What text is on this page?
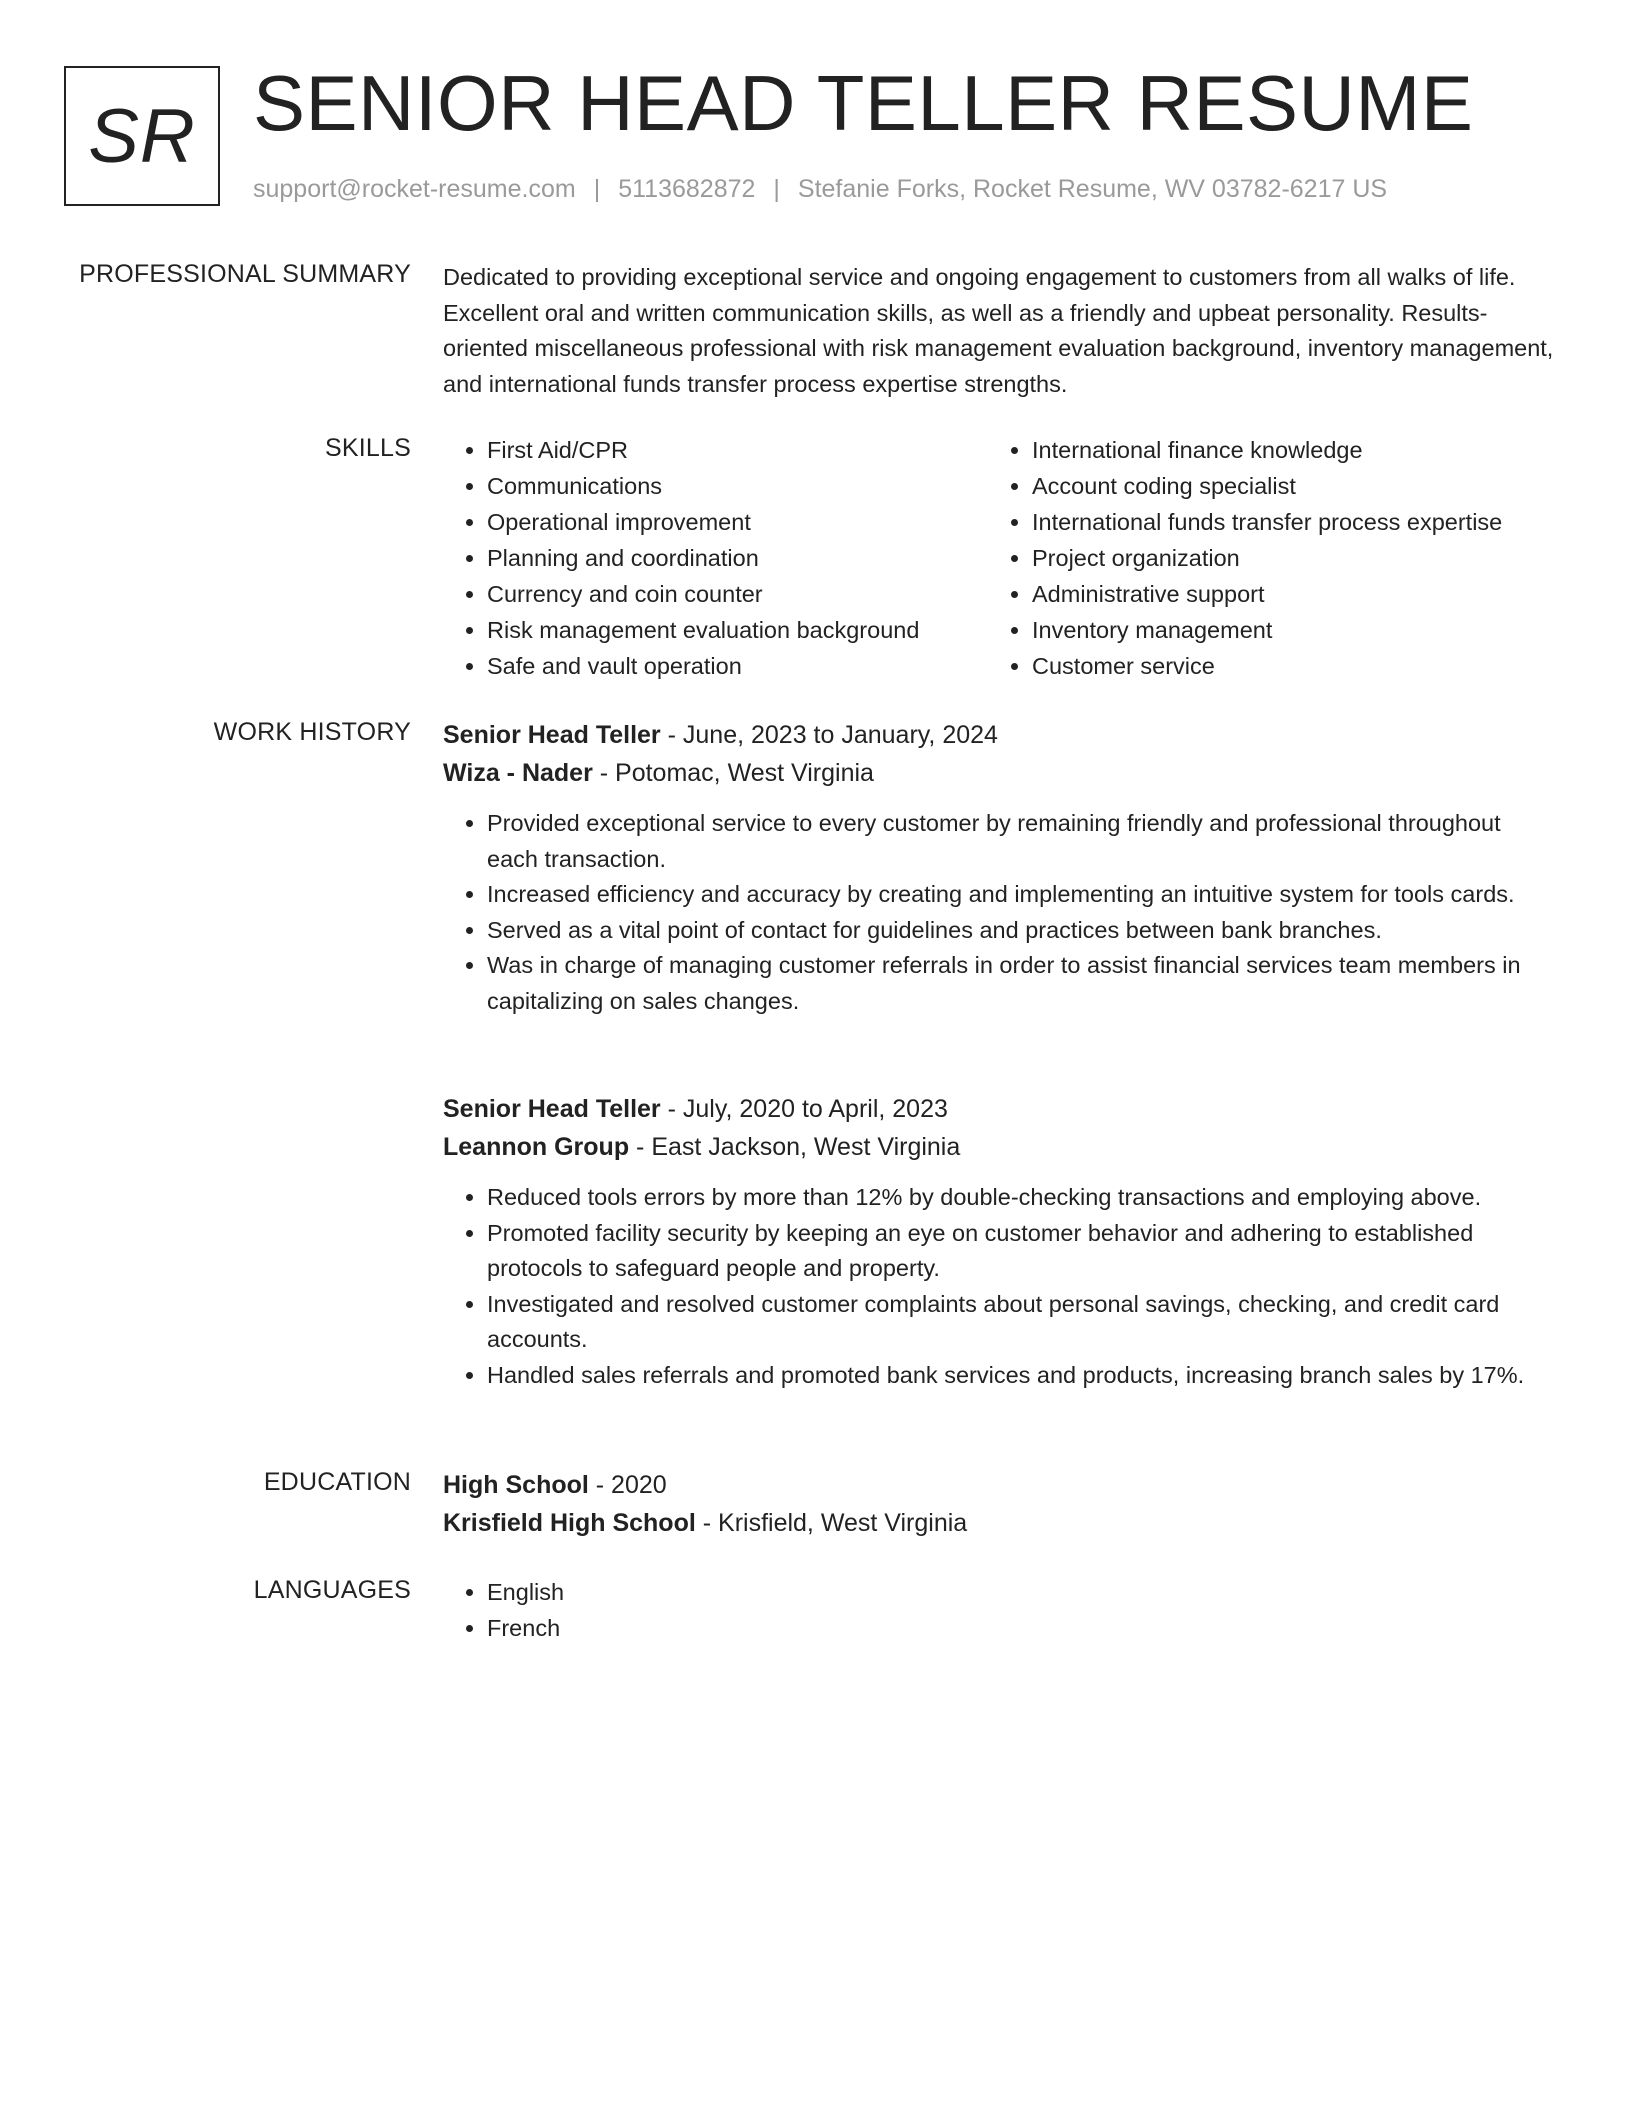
SR SENIOR HEAD TELLER RESUME
support@rocket-resume.com | 5113682872 | Stefanie Forks, Rocket Resume, WV 03782-6217 US
PROFESSIONAL SUMMARY Dedicated to providing exceptional service and ongoing engagement to customers from all walks of life. Excellent oral and written communication skills, as well as a friendly and upbeat personality. Results-oriented miscellaneous professional with risk management evaluation background, inventory management, and international funds transfer process expertise strengths.

SKILLS	• First Aid/CPR
• Communications
• Operational improvement
• Planning and coordination
• Currency and coin counter
• Risk management evaluation background
• Safe and vault operation
• International finance knowledge
• Account coding specialist
• International funds transfer process expertise
• Project organization
• Administrative support
• Inventory management
• Customer service
WORK HISTORY Senior Head Teller - June, 2023 to January, 2024
Wiza - Nader - Potomac, West Virginia
• Provided exceptional service to every customer by remaining friendly and professional throughout each transaction.
• Increased efficiency and accuracy by creating and implementing an intuitive system for tools cards.
• Served as a vital point of contact for guidelines and practices between bank branches.
• Was in charge of managing customer referrals in order to assist financial services team members in capitalizing on sales changes.
Senior Head Teller - July, 2020 to April, 2023
Leannon Group - East Jackson, West Virginia
• Reduced tools errors by more than 12% by double-checking transactions and employing above.
• Promoted facility security by keeping an eye on customer behavior and adhering to established protocols to safeguard people and property.
• Investigated and resolved customer complaints about personal savings, checking, and credit card accounts.
• Handled sales referrals and promoted bank services and products, increasing branch sales by 17%.
EDUCATION High School - 2020
Krisfield High School - Krisfield, West Virginia
LANGUAGES	• English
• French
